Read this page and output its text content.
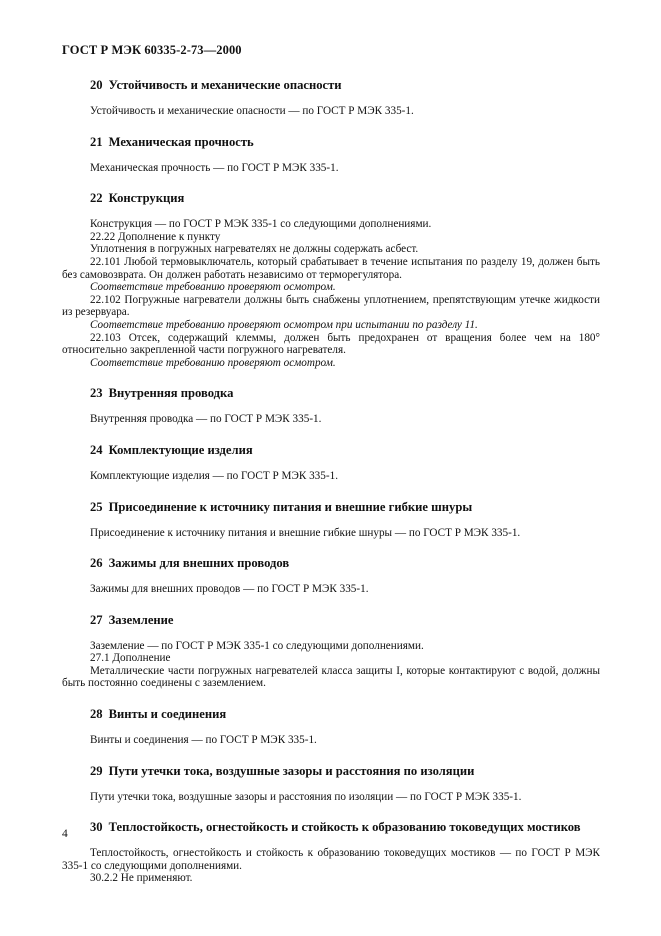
ГОСТ Р МЭК 60335-2-73—2000
20 Устойчивость и механические опасности

Устойчивость и механические опасности — по ГОСТ Р МЭК 335-1.

21 Механическая прочность

Механическая прочность — по ГОСТ Р МЭК 335-1.

22 Конструкция

Конструкция — по ГОСТ Р МЭК 335-1 со следующими дополнениями.

22.22 Дополнение к пункту

Уплотнения в погружных нагревателях не должны содержать асбест.

22.101 Любой термовыключатель, который срабатывает в течение испытания по разделу 19, должен быть без самовозврата. Он должен работать независимо от терморегулятора.

Соответствие требованию проверяют осмотром.

22.102 Погружные нагреватели должны быть снабжены уплотнением, препятствующим утечке жидкости из резервуара.

Соответствие требованию проверяют осмотром при испытании по разделу 11.

22.103 Отсек, содержащий клеммы, должен быть предохранен от вращения более чем на 180° относительно закрепленной части погружного нагревателя.

Соответствие требованию проверяют осмотром.

23 Внутренняя проводка

Внутренняя проводка — по ГОСТ Р МЭК 335-1.

24 Комплектующие изделия

Комплектующие изделия — по ГОСТ Р МЭК 335-1.

25 Присоединение к источнику питания и внешние гибкие шнуры

Присоединение к источнику питания и внешние гибкие шнуры — по ГОСТ Р МЭК 335-1.

26 Зажимы для внешних проводов

Зажимы для внешних проводов — по ГОСТ Р МЭК 335-1.

27 Заземление

Заземление — по ГОСТ Р МЭК 335-1 со следующими дополнениями.

27.1 Дополнение

Металлические части погружных нагревателей класса защиты I, которые контактируют с водой, должны быть постоянно соединены с заземлением.

28 Винты и соединения

Винты и соединения — по ГОСТ Р МЭК 335-1.

29 Пути утечки тока, воздушные зазоры и расстояния по изоляции

Пути утечки тока, воздушные зазоры и расстояния по изоляции — по ГОСТ Р МЭК 335-1.

30 Теплостойкость, огнестойкость и стойкость к образованию токоведущих мостиков

Теплостойкость, огнестойкость и стойкость к образованию токоведущих мостиков — по ГОСТ Р МЭК 335-1 со следующими дополнениями.

30.2.2 Не применяют.

4
